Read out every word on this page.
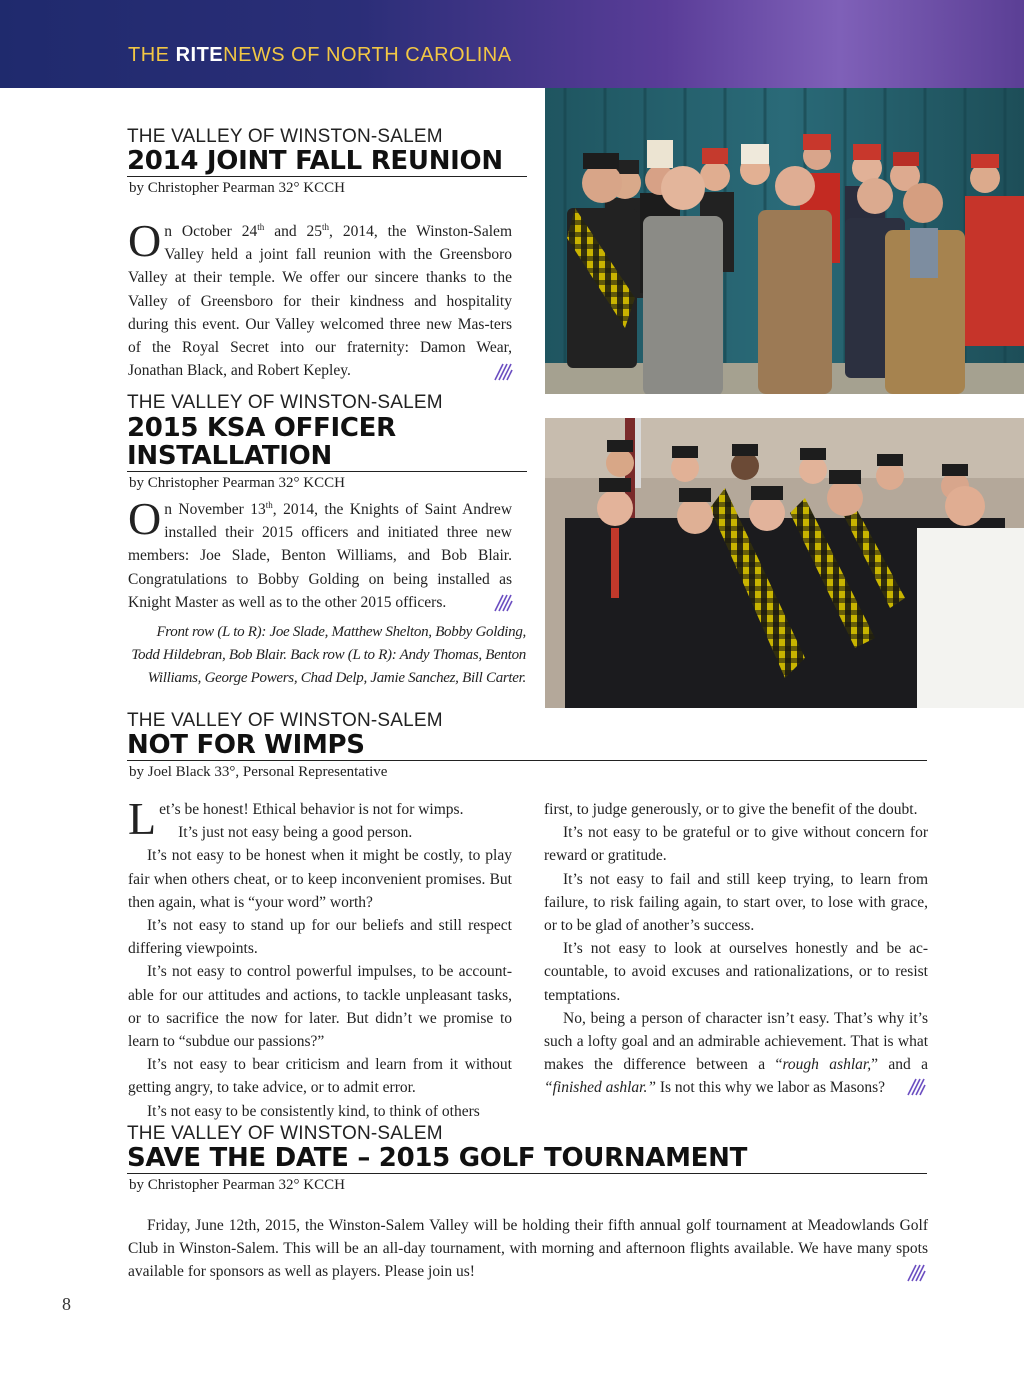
THE RITENEWS OF NORTH CAROLINA
THE VALLEY OF WINSTON-SALEM
2014 JOINT FALL REUNION
by Christopher Pearman 32° KCCH

On October 24th and 25th, 2014, the Winston-Salem Valley held a joint fall reunion with the Greensboro Valley at their temple. We offer our sincere thanks to the Valley of Greensboro for their kindness and hospitality during this event. Our Valley welcomed three new Mas-ters of the Royal Secret into our fraternity: Damon Wear, Jonathan Black, and Robert Kepley.

THE VALLEY OF WINSTON-SALEM
2015 KSA OFFICER
INSTALLATION
by Christopher Pearman 32° KCCH

On November 13th, 2014, the Knights of Saint Andrew installed their 2015 officers and initiated three new members: Joe Slade, Benton Williams, and Bob Blair. Congratulations to Bobby Golding on being installed as Knight Master as well as to the other 2015 officers.

Front row (L to R): Joe Slade, Matthew Shelton, Bobby Golding, Todd Hildebran, Bob Blair. Back row (L to R): Andy Thomas, Benton Williams, George Powers, Chad Delp, Jamie Sanchez, Bill Carter.
THE VALLEY OF WINSTON-SALEM
NOT FOR WIMPS
by Joel Black 33°, Personal Representative

Let’s be honest! Ethical behavior is not for wimps.

It’s just not easy being a good person.

It’s not easy to be honest when it might be costly, to play fair when others cheat, or to keep inconvenient promises. But then again, what is “your word” worth?

It’s not easy to stand up for our beliefs and still respect differing viewpoints.

It’s not easy to control powerful impulses, to be account-able for our attitudes and actions, to tackle unpleasant tasks, or to sacrifice the now for later. But didn’t we promise to learn to “subdue our passions?”

It’s not easy to bear criticism and learn from it without getting angry, to take advice, or to admit error.

It’s not easy to be consistently kind, to think of others

first, to judge generously, or to give the benefit of the doubt.

It’s not easy to be grateful or to give without concern for reward or gratitude.

It’s not easy to fail and still keep trying, to learn from failure, to risk failing again, to start over, to lose with grace, or to be glad of another’s success.

It’s not easy to look at ourselves honestly and be ac-countable, to avoid excuses and rationalizations, or to resist temptations.

No, being a person of character isn’t easy. That’s why it’s such a lofty goal and an admirable achievement. That is what makes the difference between a “rough ashlar,” and a “finished ashlar.” Is not this why we labor as Masons?

THE VALLEY OF WINSTON-SALEM
SAVE THE DATE – 2015 GOLF TOURNAMENT
by Christopher Pearman 32° KCCH

Friday, June 12th, 2015, the Winston-Salem Valley will be holding their fifth annual golf tournament at Meadowlands Golf Club in Winston-Salem. This will be an all-day tournament, with morning and afternoon flights available. We have many spots available for sponsors as well as players. Please join us!

8
